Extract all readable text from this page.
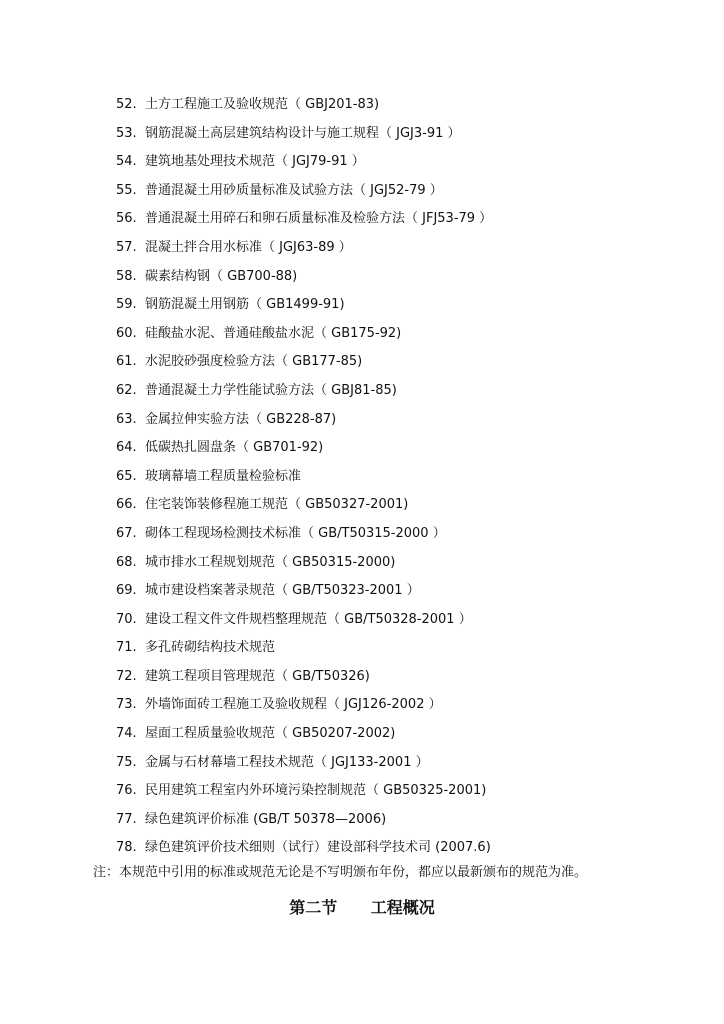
52. 土方工程施工及验收规范（ GBJ201-83)
53. 钢筋混凝土高层建筑结构设计与施工规程（ JGJ3-91 ）
54. 建筑地基处理技术规范（ JGJ79-91 ）
55. 普通混凝土用砂质量标准及试验方法（ JGJ52-79 ）
56. 普通混凝土用碎石和卵石质量标准及检验方法（ JFJ53-79 ）
57. 混凝土拌合用水标准（ JGJ63-89 ）
58. 碳素结构钢（ GB700-88)
59. 钢筋混凝土用钢筋（ GB1499-91)
60. 硅酸盐水泥、普通硅酸盐水泥（ GB175-92)
61. 水泥胶砂强度检验方法（ GB177-85)
62. 普通混凝土力学性能试验方法（ GBJ81-85)
63. 金属拉伸实验方法（ GB228-87)
64. 低碳热扎圆盘条（ GB701-92)
65. 玻璃幕墙工程质量检验标准
66. 住宅装饰装修程施工规范（ GB50327-2001)
67. 砌体工程现场检测技术标准（ GB/T50315-2000 ）
68. 城市排水工程规划规范（ GB50315-2000)
69. 城市建设档案著录规范（ GB/T50323-2001 ）
70. 建设工程文件文件规档整理规范（ GB/T50328-2001 ）
71. 多孔砖砌结构技术规范
72. 建筑工程项目管理规范（ GB/T50326)
73. 外墙饰面砖工程施工及验收规程（ JGJ126-2002 ）
74. 屋面工程质量验收规范（ GB50207-2002)
75. 金属与石材幕墙工程技术规范（ JGJ133-2001 ）
76. 民用建筑工程室内外环境污染控制规范（ GB50325-2001)
77. 绿色建筑评价标准 (GB/T 50378—2006)
78. 绿色建筑评价技术细则（试行）建设部科学技术司 (2007.6)
注：本规范中引用的标准或规范无论是不写明颁布年份，都应以最新颁布的规范为准。
第二节      工程概况
